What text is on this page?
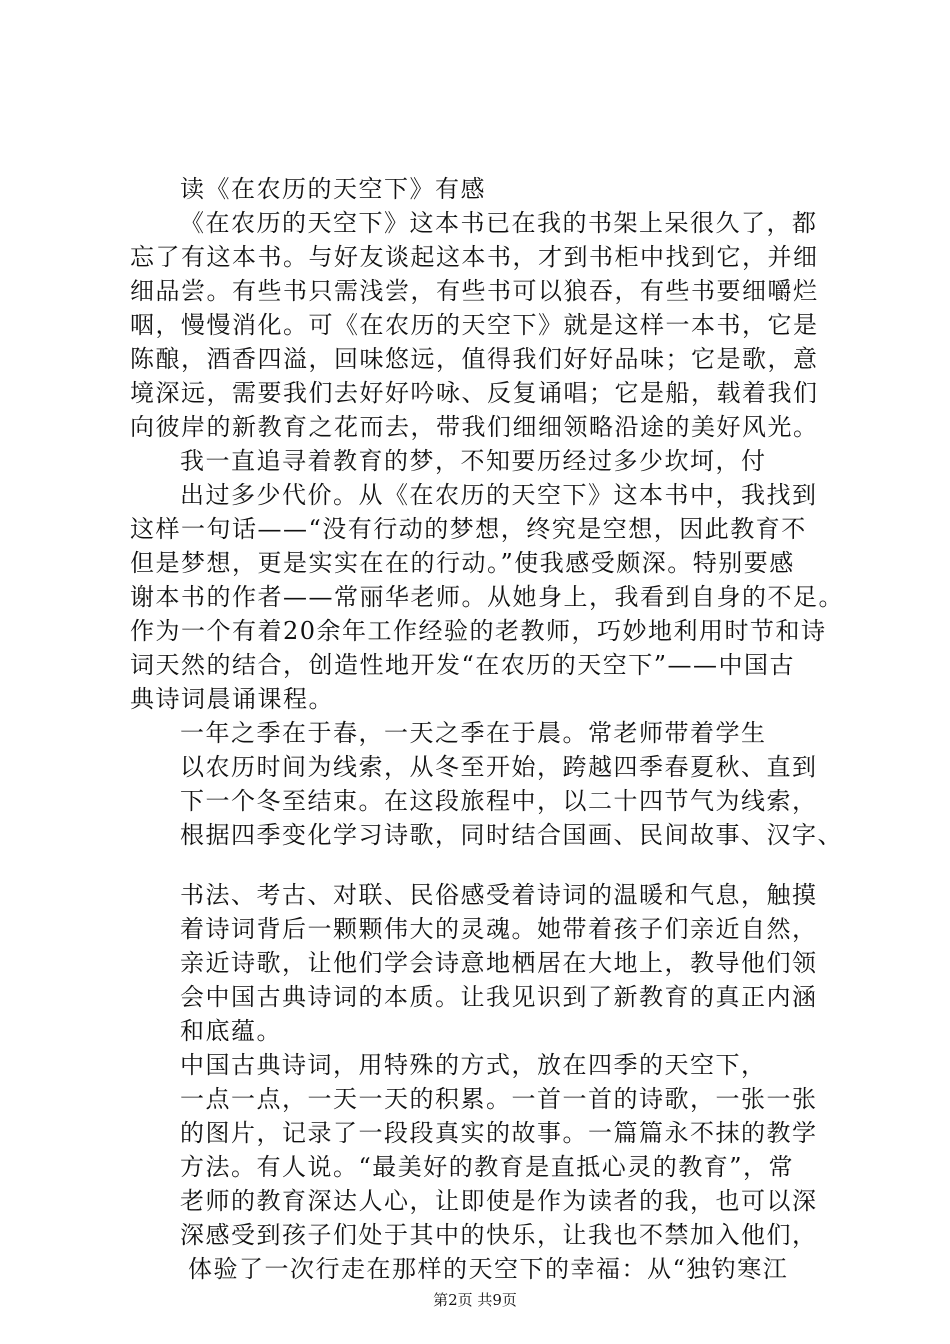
读《在农历的天空下》有感

《在农历的天空下》这本书已在我的书架上呆很久了，都

忘了有这本书。与好友谈起这本书，才到书柜中找到它，并细

细品尝。有些书只需浅尝，有些书可以狼吞，有些书要细嚼烂

咽，慢慢消化。可《在农历的天空下》就是这样一本书，它是

陈酿，酒香四溢，回味悠远，值得我们好好品味；它是歌，意

境深远，需要我们去好好吟咏、反复诵唱；它是船，载着我们

向彼岸的新教育之花而去，带我们细细领略沿途的美好风光。

我一直追寻着教育的梦，不知要历经过多少坎坷，付

出过多少代价。从《在农历的天空下》这本书中，我找到

这样一句话——“没有行动的梦想，终究是空想，因此教育不

但是梦想，更是实实在在的行动。”使我感受颇深。特别要感

谢本书的作者——常丽华老师。从她身上，我看到自身的不足。

作为一个有着20余年工作经验的老教师，巧妙地利用时节和诗

词天然的结合，创造性地开发“在农历的天空下”——中国古

典诗词晨诵课程。

一年之季在于春，一天之季在于晨。常老师带着学生

以农历时间为线索，从冬至开始，跨越四季春夏秋、直到

下一个冬至结束。在这段旅程中，以二十四节气为线索，

根据四季变化学习诗歌，同时结合国画、民间故事、汉字、

书法、考古、对联、民俗感受着诗词的温暖和气息，触摸

着诗词背后一颗颗伟大的灵魂。她带着孩子们亲近自然，

亲近诗歌，让他们学会诗意地栖居在大地上，教导他们领

会中国古典诗词的本质。让我见识到了新教育的真正内涵

和底蕴。

中国古典诗词，用特殊的方式，放在四季的天空下，

一点一点，一天一天的积累。一首一首的诗歌，一张一张

的图片，记录了一段段真实的故事。一篇篇永不抹的教学

方法。有人说。“最美好的教育是直抵心灵的教育”，常

老师的教育深达人心，让即使是作为读者的我，也可以深

深感受到孩子们处于其中的快乐，让我也不禁加入他们，

体验了一次行走在那样的天空下的幸福：从“独钓寒江

第2页 共9页
